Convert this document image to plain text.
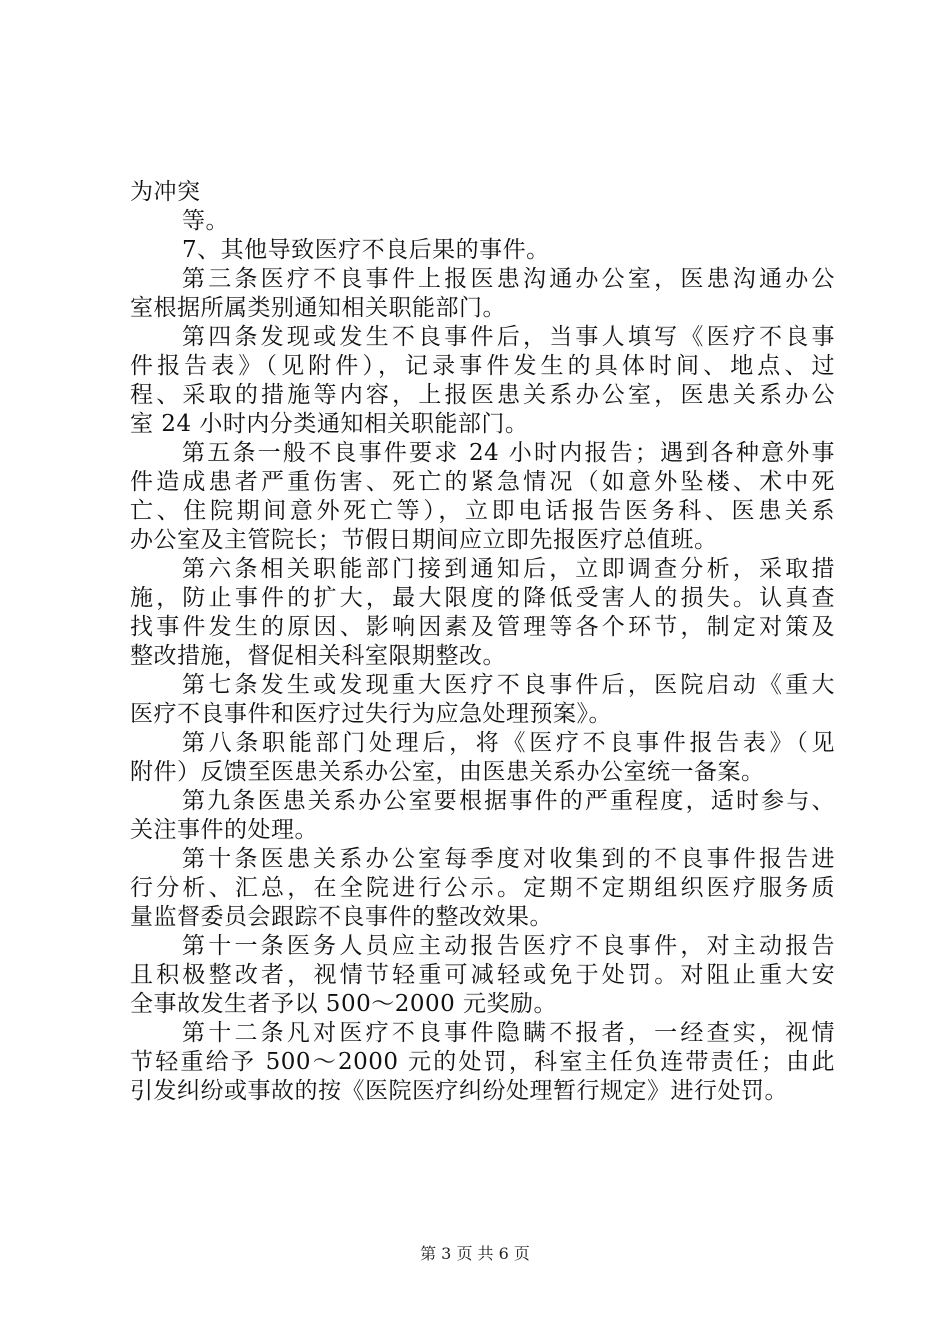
为冲突
等。
7、其他导致医疗不良后果的事件。
第三条医疗不良事件上报医患沟通办公室，医患沟通办公
室根据所属类别通知相关职能部门。
第四条发现或发生不良事件后，当事人填写《医疗不良事
件报告表》（见附件），记录事件发生的具体时间、地点、过
程、采取的措施等内容，上报医患关系办公室，医患关系办公
室 24 小时内分类通知相关职能部门。
第五条一般不良事件要求 24 小时内报告；遇到各种意外事
件造成患者严重伤害、死亡的紧急情况（如意外坠楼、术中死
亡、住院期间意外死亡等），立即电话报告医务科、医患关系
办公室及主管院长；节假日期间应立即先报医疗总值班。
第六条相关职能部门接到通知后，立即调查分析，采取措
施，防止事件的扩大，最大限度的降低受害人的损失。认真查
找事件发生的原因、影响因素及管理等各个环节，制定对策及
整改措施，督促相关科室限期整改。
第七条发生或发现重大医疗不良事件后，医院启动《重大
医疗不良事件和医疗过失行为应急处理预案》。
第八条职能部门处理后，将《医疗不良事件报告表》（见
附件）反馈至医患关系办公室，由医患关系办公室统一备案。
第九条医患关系办公室要根据事件的严重程度，适时参与、
关注事件的处理。
第十条医患关系办公室每季度对收集到的不良事件报告进
行分析、汇总，在全院进行公示。定期不定期组织医疗服务质
量监督委员会跟踪不良事件的整改效果。
第十一条医务人员应主动报告医疗不良事件，对主动报告
且积极整改者，视情节轻重可减轻或免于处罚。对阻止重大安
全事故发生者予以 500～2000 元奖励。
第十二条凡对医疗不良事件隐瞒不报者，一经查实，视情
节轻重给予 500～2000 元的处罚，科室主任负连带责任；由此
引发纠纷或事故的按《医院医疗纠纷处理暂行规定》进行处罚。
第 3 页 共 6 页
